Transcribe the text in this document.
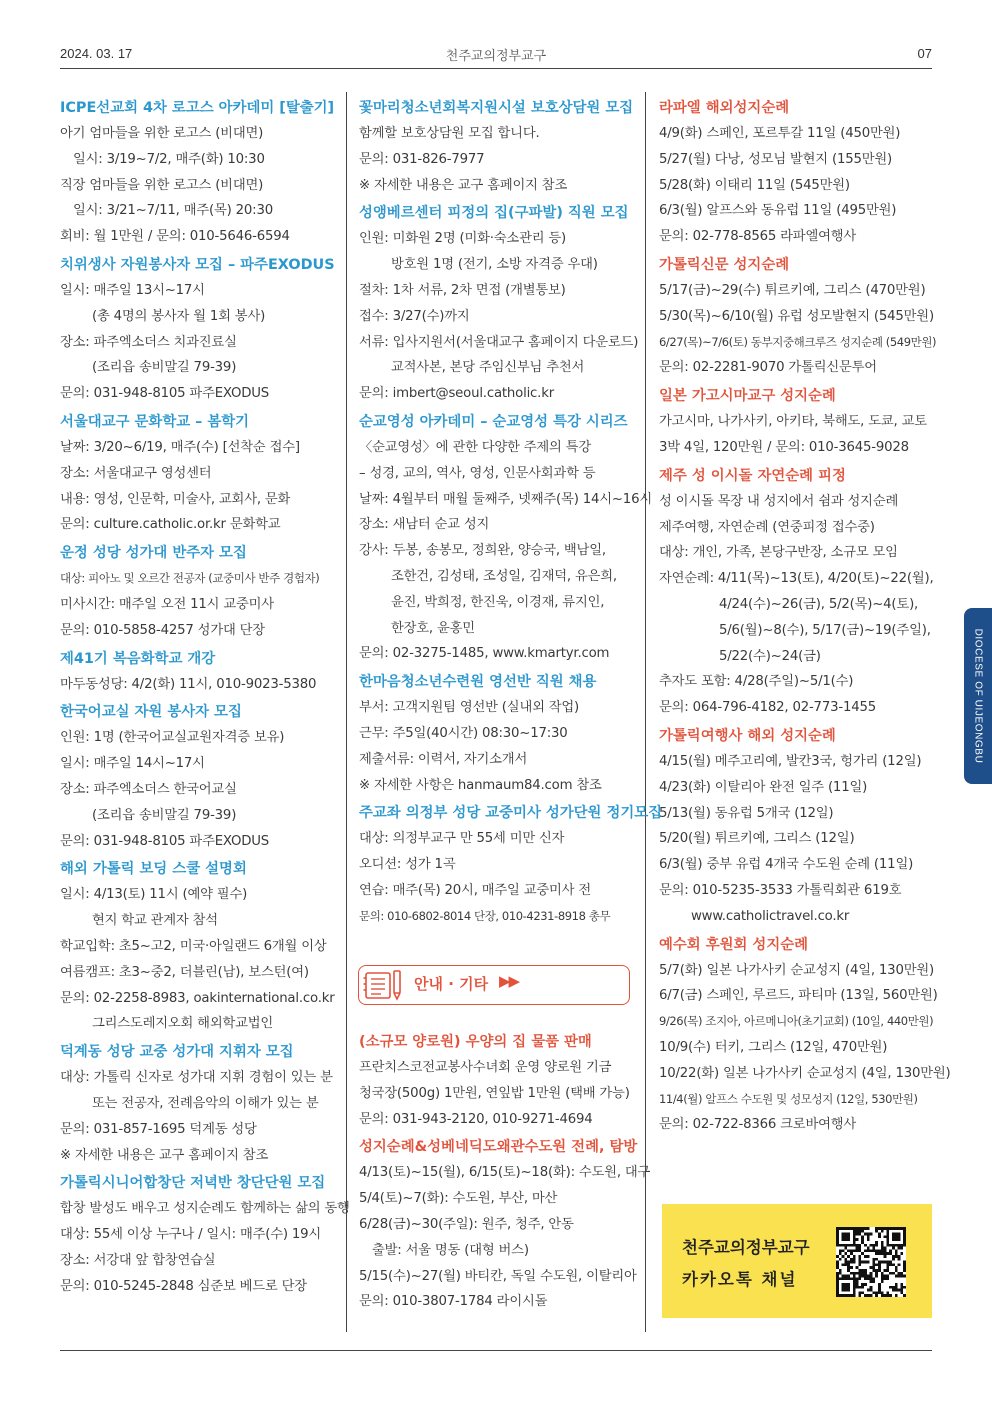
2024. 03. 17	천주교의정부교구	07
ICPE선교회 4차 로고스 아카데미 [탈출기]
아기 엄마들을 위한 로고스 (비대면)
일시: 3/19~7/2, 매주(화) 10:30
직장 엄마들을 위한 로고스 (비대면)
일시: 3/21~7/11, 매주(목) 20:30
회비: 월 1만원 / 문의: 010-5646-6594
치위생사 자원봉사자 모집 – 파주EXODUS
일시: 매주일 13시~17시
(총 4명의 봉사자 월 1회 봉사)
장소: 파주엑소더스 치과진료실
(조리읍 송비말길 79-39)
문의: 031-948-8105 파주EXODUS
서울대교구 문화학교 – 봄학기
날짜: 3/20~6/19, 매주(수) [선착순 접수]
장소: 서울대교구 영성센터
내용: 영성, 인문학, 미술사, 교회사, 문화
문의: culture.catholic.or.kr 문화학교
운정 성당 성가대 반주자 모집
대상: 피아노 및 오르간 전공자 (교중미사 반주 경험자)
미사시간: 매주일 오전 11시 교중미사
문의: 010-5858-4257 성가대 단장
제41기 복음화학교 개강
마두동성당: 4/2(화) 11시, 010-9023-5380
한국어교실 자원 봉사자 모집
인원: 1명 (한국어교실교원자격증 보유)
일시: 매주일 14시~17시
장소: 파주엑소더스 한국어교실
(조리읍 송비말길 79-39)
문의: 031-948-8105 파주EXODUS
해외 가톨릭 보딩 스쿨 설명회
일시: 4/13(토) 11시 (예약 필수)
현지 학교 관계자 참석
학교입학: 초5~고2, 미국·아일랜드 6개월 이상
여름캠프: 초3~중2, 더블린(남), 보스턴(여)
문의: 02-2258-8983, oakinternational.co.kr
그리스도레지오회 해외학교법인
덕계동 성당 교중 성가대 지휘자 모집
대상: 가톨릭 신자로 성가대 지휘 경험이 있는 분
또는 전공자, 전례음악의 이해가 있는 분
문의: 031-857-1695 덕계동 성당
※ 자세한 내용은 교구 홈페이지 참조
가톨릭시니어합창단 저녁반 창단단원 모집
합창 발성도 배우고 성지순례도 함께하는 삶의 동행
대상: 55세 이상 누구나 / 일시: 매주(수) 19시
장소: 서강대 앞 합창연습실
문의: 010-5245-2848 심준보 베드로 단장
꽃마리청소년회복지원시설 보호상담원 모집
함께할 보호상담원 모집 합니다.
문의: 031-826-7977
※ 자세한 내용은 교구 홈페이지 참조
성앵베르센터 피정의 집(구파발) 직원 모집
인원: 미화원 2명 (미화·숙소관리 등)
방호원 1명 (전기, 소방 자격증 우대)
절차: 1차 서류, 2차 면접 (개별통보)
접수: 3/27(수)까지
서류: 입사지원서(서울대교구 홈페이지 다운로드)
교적사본, 본당 주임신부님 추천서
문의: imbert@seoul.catholic.kr
순교영성 아카데미 – 순교영성 특강 시리즈
〈순교영성〉에 관한 다양한 주제의 특강
– 성경, 교의, 역사, 영성, 인문사회과학 등
날짜: 4월부터 매월 둘째주, 넷째주(목) 14시~16시
장소: 새남터 순교 성지
강사: 두봉, 송봉모, 정희완, 양승국, 백남일,
조한건, 김성태, 조성일, 김재덕, 유은희,
윤진, 박희정, 한진욱, 이경재, 류지인,
한장호, 윤홍민
문의: 02-3275-1485, www.kmartyr.com
한마음청소년수련원 영선반 직원 채용
부서: 고객지원팀 영선반 (실내외 작업)
근무: 주5일(40시간) 08:30~17:30
제출서류: 이력서, 자기소개서
※ 자세한 사항은 hanmaum84.com 참조
주교좌 의정부 성당 교중미사 성가단원 정기모집
대상: 의정부교구 만 55세 미만 신자
오디션: 성가 1곡
연습: 매주(목) 20시, 매주일 교중미사 전
문의: 010-6802-8014 단장, 010-4231-8918 총무
안내 · 기타 ▶▶
(소규모 양로원) 우양의 집 물품 판매
프란치스코전교봉사수녀회 운영 양로원 기금
청국장(500g) 1만원, 연잎밥 1만원 (택배 가능)
문의: 031-943-2120, 010-9271-4694
성지순례&성베네딕도왜관수도원 전례, 탐방
4/13(토)~15(월), 6/15(토)~18(화): 수도원, 대구
5/4(토)~7(화): 수도원, 부산, 마산
6/28(금)~30(주일): 원주, 청주, 안동
출발: 서울 명동 (대형 버스)
5/15(수)~27(월) 바티칸, 독일 수도원, 이탈리아
문의: 010-3807-1784 라이시돌
라파엘 해외성지순례
4/9(화) 스페인, 포르투갈 11일 (450만원)
5/27(월) 다낭, 성모님 발현지 (155만원)
5/28(화) 이태리 11일 (545만원)
6/3(월) 알프스와 동유럽 11일 (495만원)
문의: 02-778-8565 라파엘여행사
가톨릭신문 성지순례
5/17(금)~29(수) 튀르키예, 그리스 (470만원)
5/30(목)~6/10(월) 유럽 성모발현지 (545만원)
6/27(목)~7/6(토) 동부지중해크루즈 성지순례 (549만원)
문의: 02-2281-9070 가톨릭신문투어
일본 가고시마교구 성지순례
가고시마, 나가사키, 아키타, 북해도, 도쿄, 교토
3박 4일, 120만원 / 문의: 010-3645-9028
제주 성 이시돌 자연순례 피정
성 이시돌 목장 내 성지에서 쉼과 성지순례
제주여행, 자연순례 (연중피정 접수중)
대상: 개인, 가족, 본당구반장, 소규모 모임
자연순례: 4/11(목)~13(토), 4/20(토)~22(월),
4/24(수)~26(금), 5/2(목)~4(토),
5/6(월)~8(수), 5/17(금)~19(주일),
5/22(수)~24(금)
추자도 포함: 4/28(주일)~5/1(수)
문의: 064-796-4182, 02-773-1455
가톨릭여행사 해외 성지순례
4/15(월) 메주고리예, 발칸3국, 헝가리 (12일)
4/23(화) 이탈리아 완전 일주 (11일)
5/13(월) 동유럽 5개국 (12일)
5/20(월) 튀르키예, 그리스 (12일)
6/3(월) 중부 유럽 4개국 수도원 순례 (11일)
문의: 010-5235-3533 가톨릭회관 619호
www.catholictravel.co.kr
예수회 후원회 성지순례
5/7(화) 일본 나가사키 순교성지 (4일, 130만원)
6/7(금) 스페인, 루르드, 파티마 (13일, 560만원)
9/26(목) 조지아, 아르메니아(초기교회) (10일, 440만원)
10/9(수) 터키, 그리스 (12일, 470만원)
10/22(화) 일본 나가사키 순교성지 (4일, 130만원)
11/4(월) 알프스 수도원 및 성모성지 (12일, 530만원)
문의: 02-722-8366 크로바여행사
DIOCESE OF UIJEONGBU
천주교의정부교구
카카오톡 채널
